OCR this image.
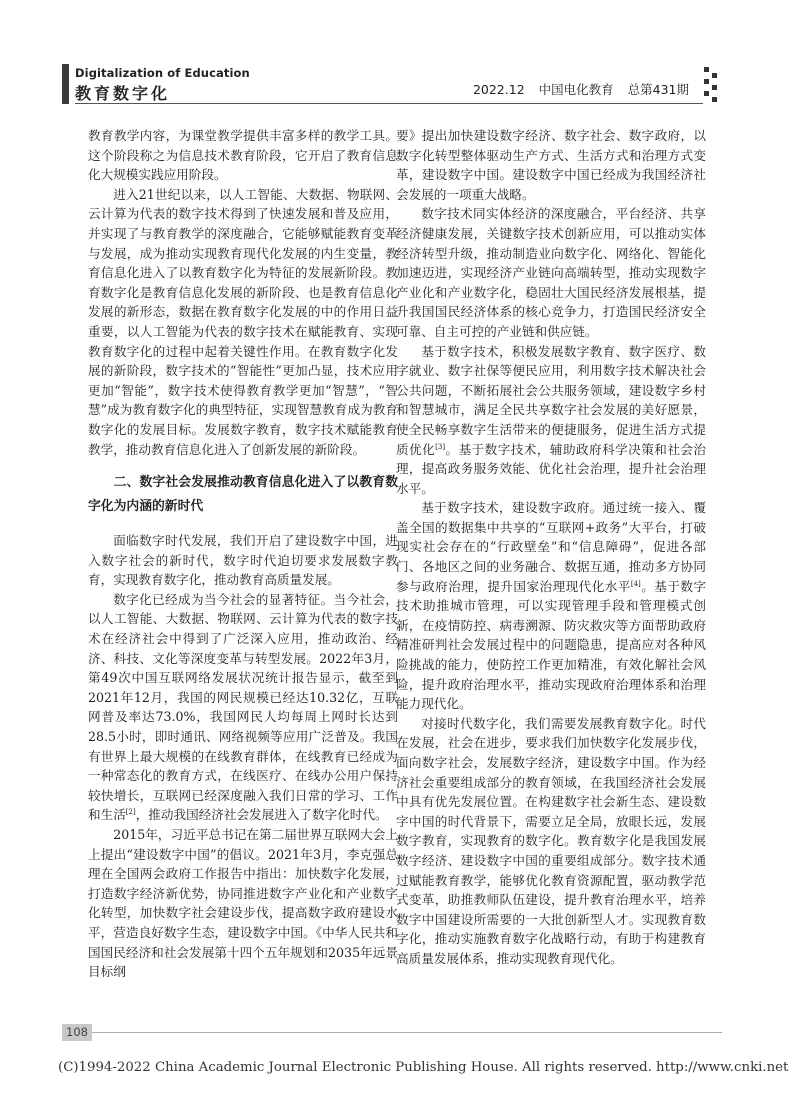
Digitalization of Education
教育数字化	2022.12 中国电化教育 总第431期

教育教学内容，为课堂教学提供丰富多样的教学工具。这个阶段称之为信息技术教育阶段，它开启了教育信息化大规模实践应用阶段。

进入21世纪以来，以人工智能、大数据、物联网、云计算为代表的数字技术得到了快速发展和普及应用，并实现了与教育教学的深度融合，它能够赋能教育变革与发展，成为推动实现教育现代化发展的内生变量，教育信息化进入了以教育数字化为特征的发展新阶段。教育数字化是教育信息化发展的新阶段、也是教育信息化发展的新形态，数据在教育数字化发展的中的作用日益重要，以人工智能为代表的数字技术在赋能教育、实现教育数字化的过程中起着关键性作用。在教育数字化发展的新阶段，数字技术的“智能性”更加凸显，技术应用更加“智能”，数字技术使得教育教学更加“智慧”，“智慧”成为教育数字化的典型特征，实现智慧教育成为教育数字化的发展目标。发展数字教育，数字技术赋能教育教学，推动教育信息化进入了创新发展的新阶段。

二、数字社会发展推动教育信息化进入了以教育数字化为内涵的新时代

面临数字时代发展，我们开启了建设数字中国，进入数字社会的新时代，数字时代迫切要求发展数字教育，实现教育数字化，推动教育高质量发展。

数字化已经成为当今社会的显著特征。当今社会，以人工智能、大数据、物联网、云计算为代表的数字技术在经济社会中得到了广泛深入应用，推动政治、经济、科技、文化等深度变革与转型发展。2022年3月，第49次中国互联网络发展状况统计报告显示，截至到2021年12月，我国的网民规模已经达10.32亿，互联网普及率达73.0%，我国网民人均每周上网时长达到28.5小时，即时通讯、网络视频等应用广泛普及。我国有世界上最大规模的在线教育群体，在线教育已经成为一种常态化的教育方式，在线医疗、在线办公用户保持较快增长，互联网已经深度融入我们日常的学习、工作和生活[2]，推动我国经济社会发展进入了数字化时代。

2015年，习近平总书记在第二届世界互联网大会上上提出“建设数字中国”的倡议。2021年3月，李克强总理在全国两会政府工作报告中指出：加快数字化发展，打造数字经济新优势，协同推进数字产业化和产业数字化转型，加快数字社会建设步伐，提高数字政府建设水平，营造良好数字生态，建设数字中国。《中华人民共和国国民经济和社会发展第十四个五年规划和2035年远景目标纲

要》提出加快建设数字经济、数字社会、数字政府，以数字化转型整体驱动生产方式、生活方式和治理方式变革，建设数字中国。建设数字中国已经成为我国经济社会发展的一项重大战略。

数字技术同实体经济的深度融合，平台经济、共享经济健康发展，关键数字技术创新应用，可以推动实体经济转型升级，推动制造业向数字化、网络化、智能化加速迈进，实现经济产业链向高端转型，推动实现数字产业化和产业数字化，稳固壮大国民经济发展根基，提升我国国民经济体系的核心竞争力，打造国民经济安全可靠、自主可控的产业链和供应链。

基于数字技术，积极发展数字教育、数字医疗、数字就业、数字社保等便民应用，利用数字技术解决社会公共问题，不断拓展社会公共服务领域，建设数字乡村和智慧城市，满足全民共享数字社会发展的美好愿景，使全民畅享数字生活带来的便捷服务，促进生活方式提质优化[3]。基于数字技术，辅助政府科学决策和社会治理，提高政务服务效能、优化社会治理，提升社会治理水平。

基于数字技术，建设数字政府。通过统一接入、覆盖全国的数据集中共享的“互联网+政务”大平台，打破现实社会存在的“行政壁垒”和“信息障碍”，促进各部门、各地区之间的业务融合、数据互通，推动多方协同参与政府治理，提升国家治理现代化水平[4]。基于数字技术助推城市管理，可以实现管理手段和管理模式创新，在疫情防控、病毒溯源、防灾救灾等方面帮助政府精准研判社会发展过程中的问题隐患，提高应对各种风险挑战的能力，使防控工作更加精准，有效化解社会风险，提升政府治理水平，推动实现政府治理体系和治理能力现代化。

对接时代数字化，我们需要发展教育数字化。时代在发展，社会在进步，要求我们加快数字化发展步伐，面向数字社会，发展数字经济，建设数字中国。作为经济社会重要组成部分的教育领域，在我国经济社会发展中具有优先发展位置。在构建数字社会新生态、建设数字中国的时代背景下，需要立足全局，放眼长远，发展数字教育，实现教育的数字化。教育数字化是我国发展数字经济、建设数字中国的重要组成部分。数字技术通过赋能教育教学，能够优化教育资源配置，驱动教学范式变革，助推教师队伍建设，提升教育治理水平，培养数字中国建设所需要的一大批创新型人才。实现教育数字化，推动实施教育数字化战略行动，有助于构建教育高质量发展体系，推动实现教育现代化。

108
(C)1994-2022 China Academic Journal Electronic Publishing House. All rights reserved. http://www.cnki.net
